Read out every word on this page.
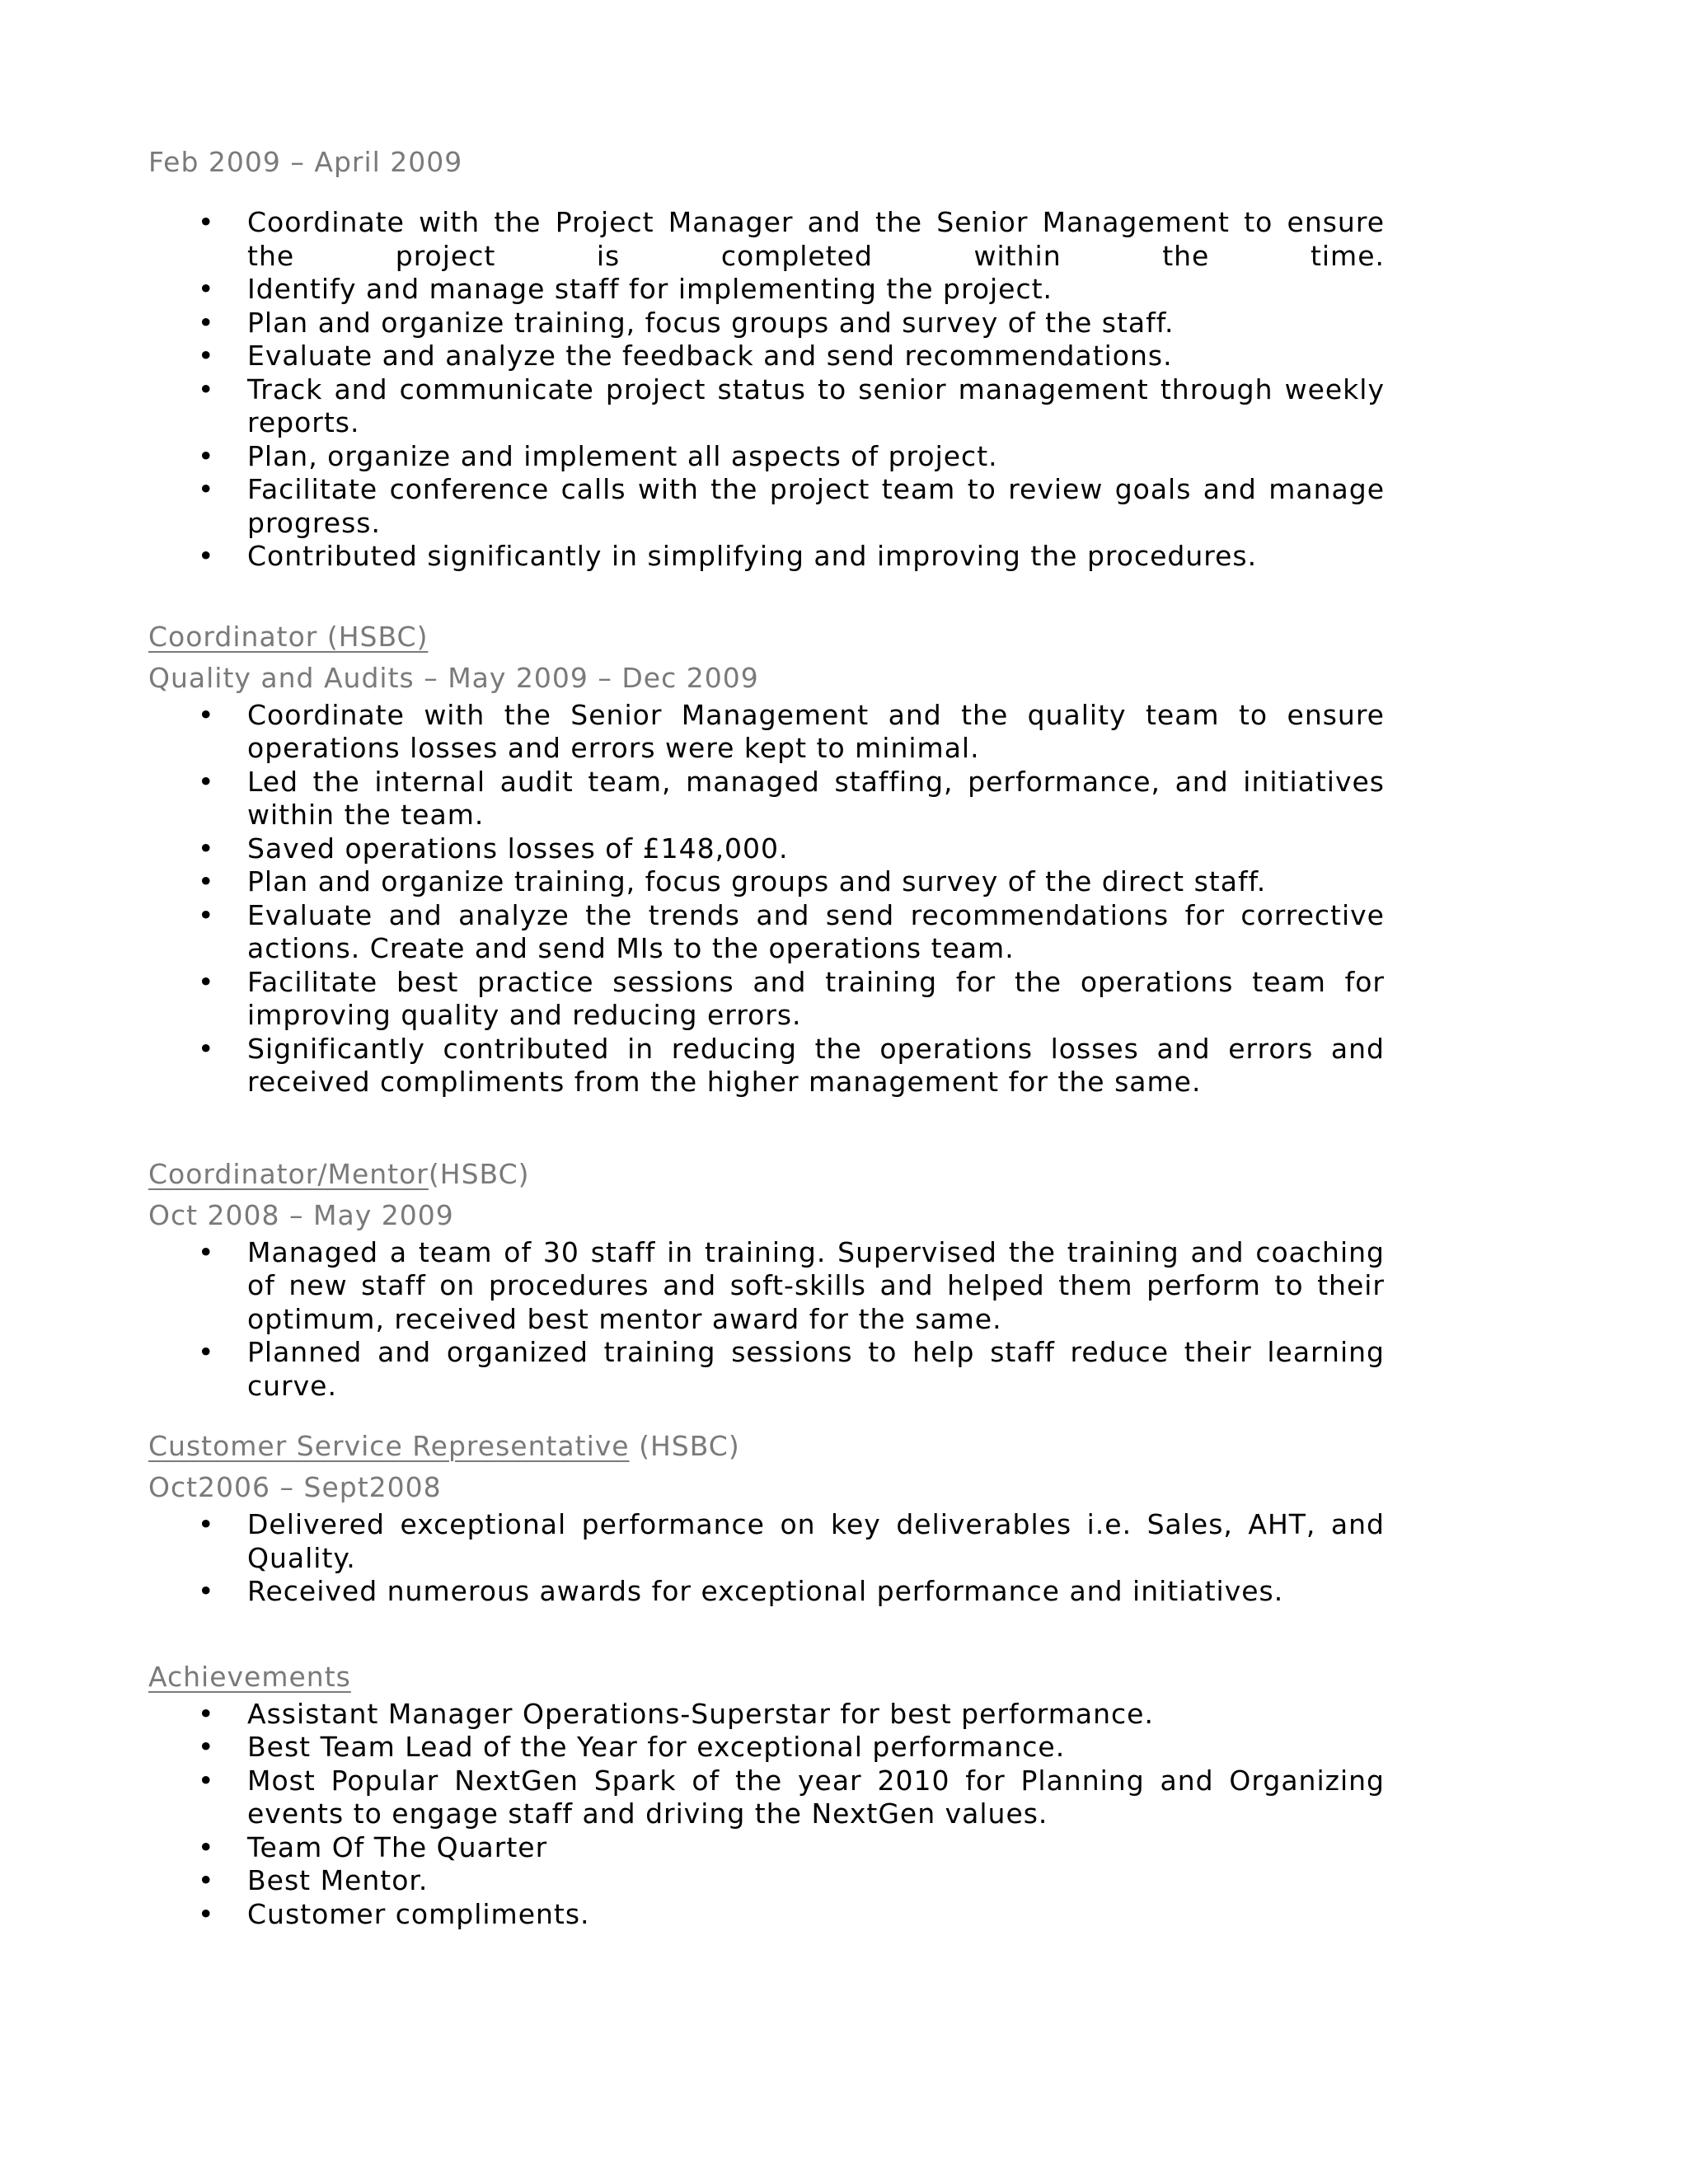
Feb 2009 – April 2009

• Coordinate with the Project Manager and the Senior Management to ensure the project is completed within the time.
• Identify and manage staff for implementing the project.
• Plan and organize training, focus groups and survey of the staff.
• Evaluate and analyze the feedback and send recommendations.
• Track and communicate project status to senior management through weekly reports.
• Plan, organize and implement all aspects of project.
• Facilitate conference calls with the project team to review goals and manage progress.
• Contributed significantly in simplifying and improving the procedures.

Coordinator (HSBC)

Quality and Audits – May 2009 – Dec 2009

• Coordinate with the Senior Management and the quality team to ensure operations losses and errors were kept to minimal.
• Led the internal audit team, managed staffing, performance, and initiatives within the team.
• Saved operations losses of £148,000.
• Plan and organize training, focus groups and survey of the direct staff.
• Evaluate and analyze the trends and send recommendations for corrective actions. Create and send MIs to the operations team.
• Facilitate best practice sessions and training for the operations team for improving quality and reducing errors.
• Significantly contributed in reducing the operations losses and errors and received compliments from the higher management for the same.

Coordinator/Mentor(HSBC)

Oct 2008 – May 2009

• Managed a team of 30 staff in training. Supervised the training and coaching of new staff on procedures and soft-skills and helped them perform to their optimum, received best mentor award for the same.
• Planned and organized training sessions to help staff reduce their learning curve.

Customer Service Representative (HSBC)

Oct2006 – Sept2008

• Delivered exceptional performance on key deliverables i.e. Sales, AHT, and Quality.
• Received numerous awards for exceptional performance and initiatives.

Achievements

• Assistant Manager Operations-Superstar for best performance.
• Best Team Lead of the Year for exceptional performance.
• Most Popular NextGen Spark of the year 2010 for Planning and Organizing events to engage staff and driving the NextGen values.
• Team Of The Quarter
• Best Mentor.
• Customer compliments.
